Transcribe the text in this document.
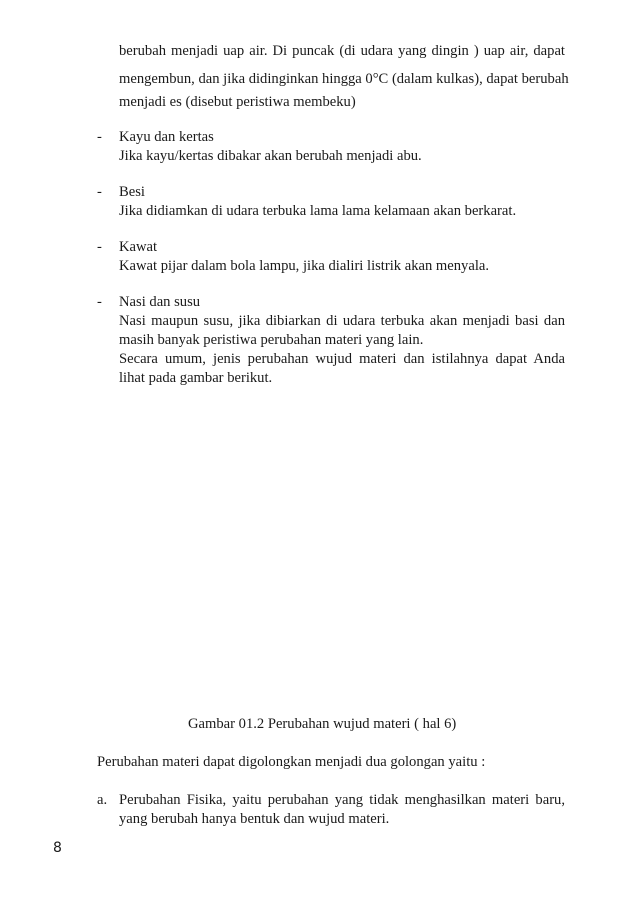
berubah menjadi uap air. Di puncak (di udara yang dingin ) uap air, dapat
mengembun, dan jika didinginkan hingga 0°C (dalam kulkas), dapat berubah
menjadi es (disebut peristiwa membeku)
- Kayu dan kertas
Jika kayu/kertas dibakar akan berubah menjadi abu.
- Besi
Jika didiamkan di udara terbuka lama lama kelamaan akan berkarat.
- Kawat
Kawat pijar dalam bola lampu, jika dialiri listrik akan menyala.
- Nasi dan susu
Nasi maupun susu, jika dibiarkan di udara terbuka akan menjadi basi dan
masih banyak peristiwa perubahan materi yang lain.
Secara umum, jenis perubahan wujud materi dan istilahnya dapat Anda
lihat pada gambar berikut.
Gambar 01.2 Perubahan wujud materi ( hal 6)
Perubahan materi dapat digolongkan menjadi dua golongan yaitu :
a. Perubahan Fisika, yaitu perubahan yang tidak menghasilkan materi baru,
yang berubah hanya bentuk dan wujud materi.
8
